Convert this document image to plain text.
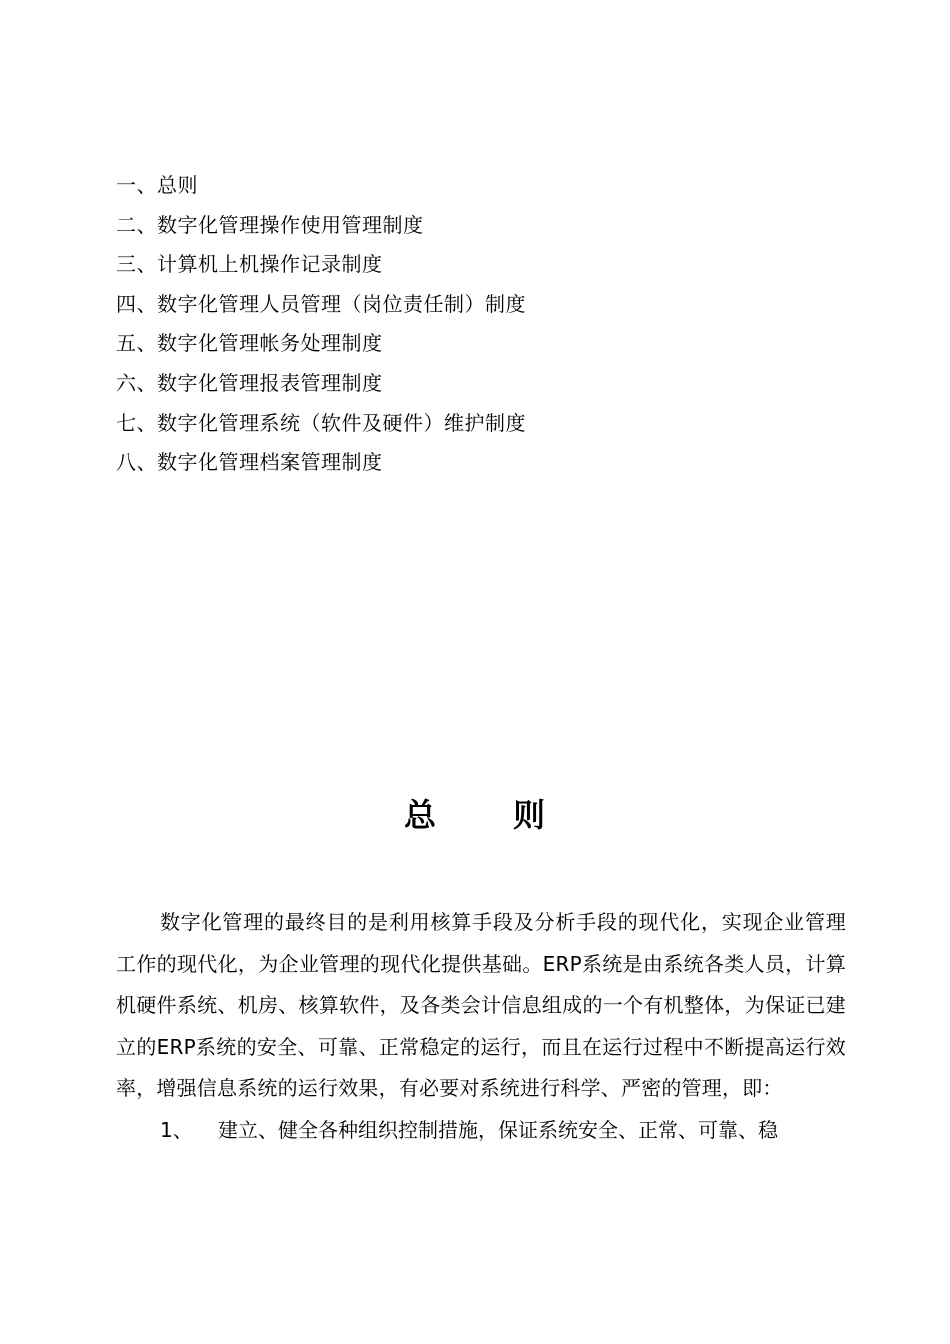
一、总则
二、数字化管理操作使用管理制度
三、计算机上机操作记录制度
四、数字化管理人员管理（岗位责任制）制度
五、数字化管理帐务处理制度
六、数字化管理报表管理制度
七、数字化管理系统（软件及硬件）维护制度
八、数字化管理档案管理制度
总 则

数字化管理的最终目的是利用核算手段及分析手段的现代化，实现企业管理工作的现代化，为企业管理的现代化提供基础。ERP系统是由系统各类人员，计算机硬件系统、机房、核算软件，及各类会计信息组成的一个有机整体，为保证已建立的ERP系统的安全、可靠、正常稳定的运行，而且在运行过程中不断提高运行效率，增强信息系统的运行效果，有必要对系统进行科学、严密的管理，即：

1、 建立、健全各种组织控制措施，保证系统安全、正常、可靠、稳
